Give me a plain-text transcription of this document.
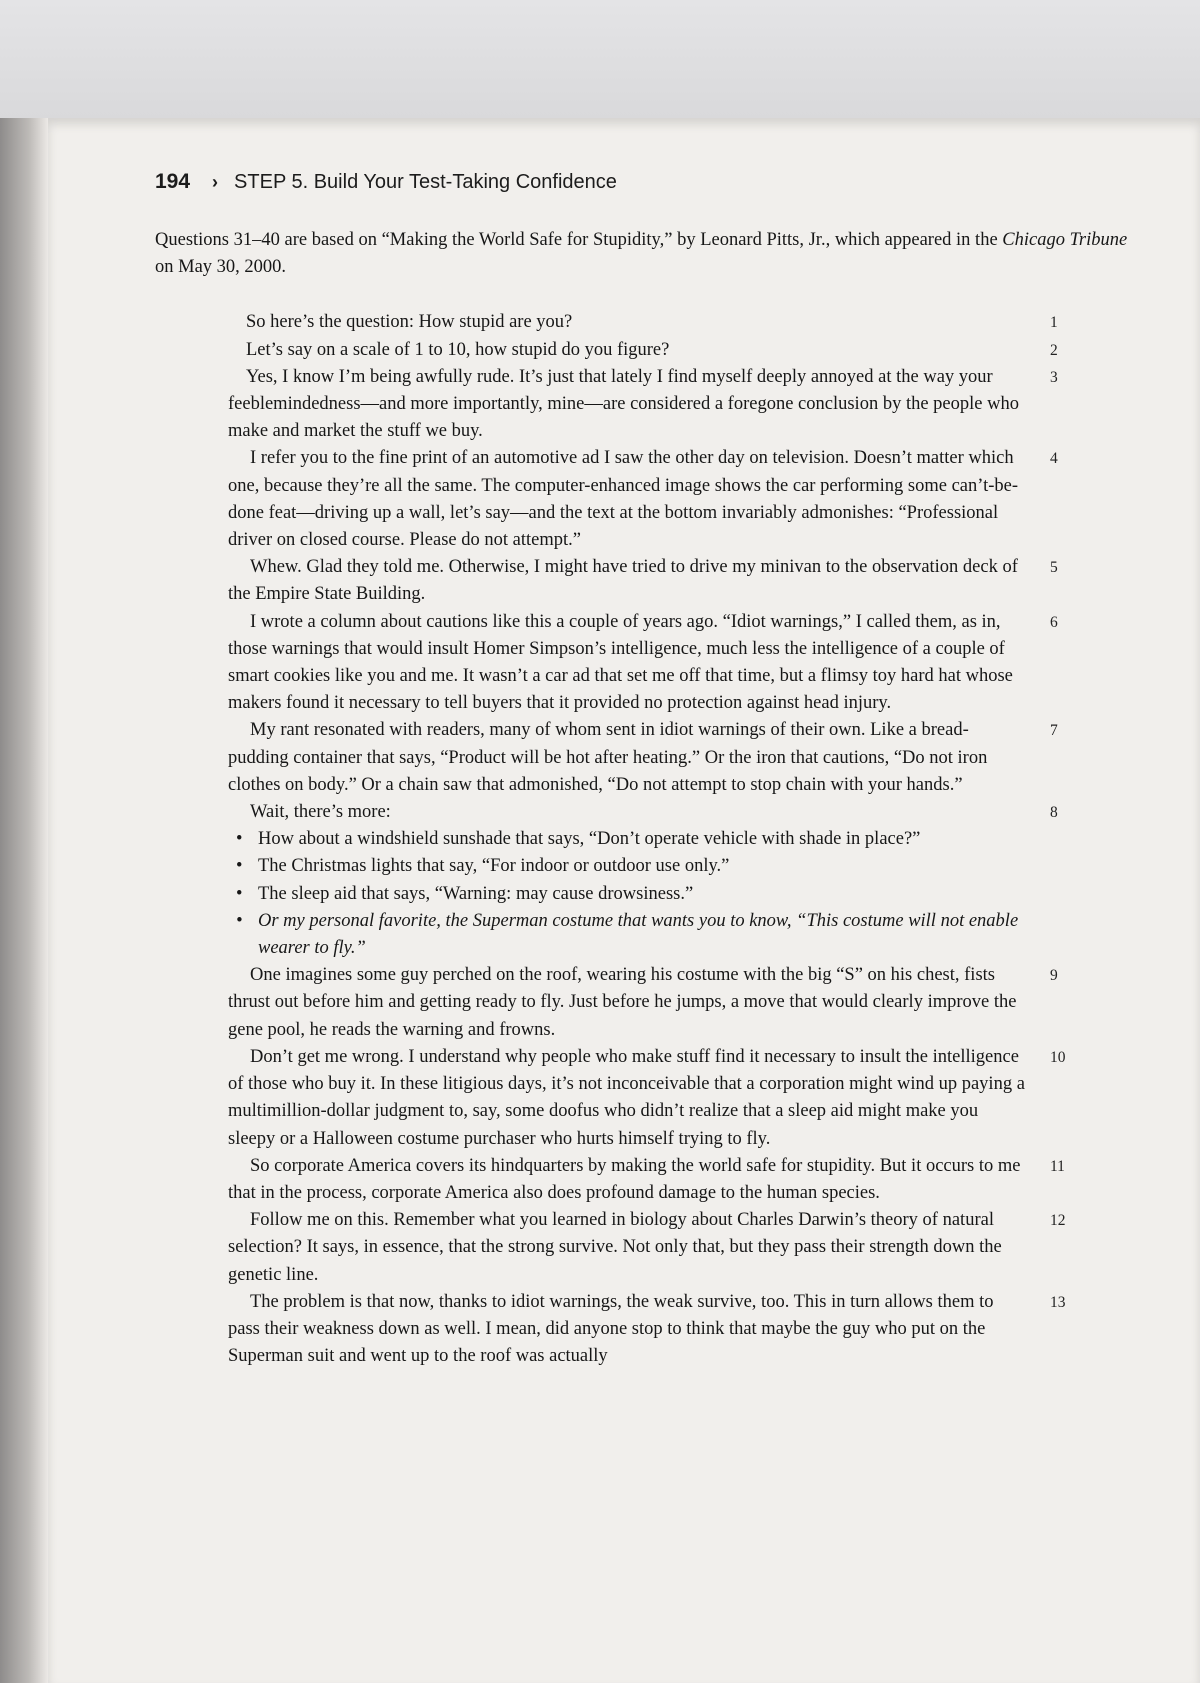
194 › STEP 5. Build Your Test-Taking Confidence

Questions 31–40 are based on “Making the World Safe for Stupidity,” by Leonard Pitts, Jr., which appeared in the Chicago Tribune on May 30, 2000.

So here’s the question: How stupid are you?	1
Let’s say on a scale of 1 to 10, how stupid do you figure?	2
Yes, I know I’m being awfully rude. It’s just that lately I find myself deeply annoyed at the way your feeblemindedness—and more importantly, mine—are considered a foregone conclusion by the people who make and market the stuff we buy.
3
I refer you to the fine print of an automotive ad I saw the other day on television. Doesn’t matter which one, because they’re all the same. The computer-enhanced image shows the car performing some can’t-be-done feat—driving up a wall, let’s say—and the text at the bottom invariably admonishes: “Professional driver on closed course. Please do not attempt.”
4
Whew. Glad they told me. Otherwise, I might have tried to drive my minivan to the observation deck of the Empire State Building.
5
I wrote a column about cautions like this a couple of years ago. “Idiot warnings,” I called them, as in, those warnings that would insult Homer Simpson’s intelligence, much less the intelligence of a couple of smart cookies like you and me. It wasn’t a car ad that set me off that time, but a flimsy toy hard hat whose makers found it necessary to tell buyers that it provided no protection against head injury.
6
My rant resonated with readers, many of whom sent in idiot warnings of their own. Like a bread-pudding container that says, “Product will be hot after heating.” Or the iron that cautions, “Do not iron clothes on body.” Or a chain saw that admonished, “Do not attempt to stop chain with your hands.”
7
Wait, there’s more:	8
• How about a windshield sunshade that says, “Don’t operate vehicle with shade in place?”
• The Christmas lights that say, “For indoor or outdoor use only.”
• The sleep aid that says, “Warning: may cause drowsiness.”
• Or my personal favorite, the Superman costume that wants you to know, “This costume will not enable wearer to fly.”
One imagines some guy perched on the roof, wearing his costume with the big “S” on his chest, fists thrust out before him and getting ready to fly. Just before he jumps, a move that would clearly improve the gene pool, he reads the warning and frowns.
9
Don’t get me wrong. I understand why people who make stuff find it necessary to insult the intelligence of those who buy it. In these litigious days, it’s not inconceivable that a corporation might wind up paying a multimillion-dollar judgment to, say, some doofus who didn’t realize that a sleep aid might make you sleepy or a Halloween costume purchaser who hurts himself trying to fly.
10
So corporate America covers its hindquarters by making the world safe for stupidity. But it occurs to me that in the process, corporate America also does profound damage to the human species.
11
Follow me on this. Remember what you learned in biology about Charles Darwin’s theory of natural selection? It says, in essence, that the strong survive. Not only that, but they pass their strength down the genetic line.
12
The problem is that now, thanks to idiot warnings, the weak survive, too. This in turn allows them to pass their weakness down as well. I mean, did anyone stop to think that maybe the guy who put on the Superman suit and went up to the roof was actually
13
